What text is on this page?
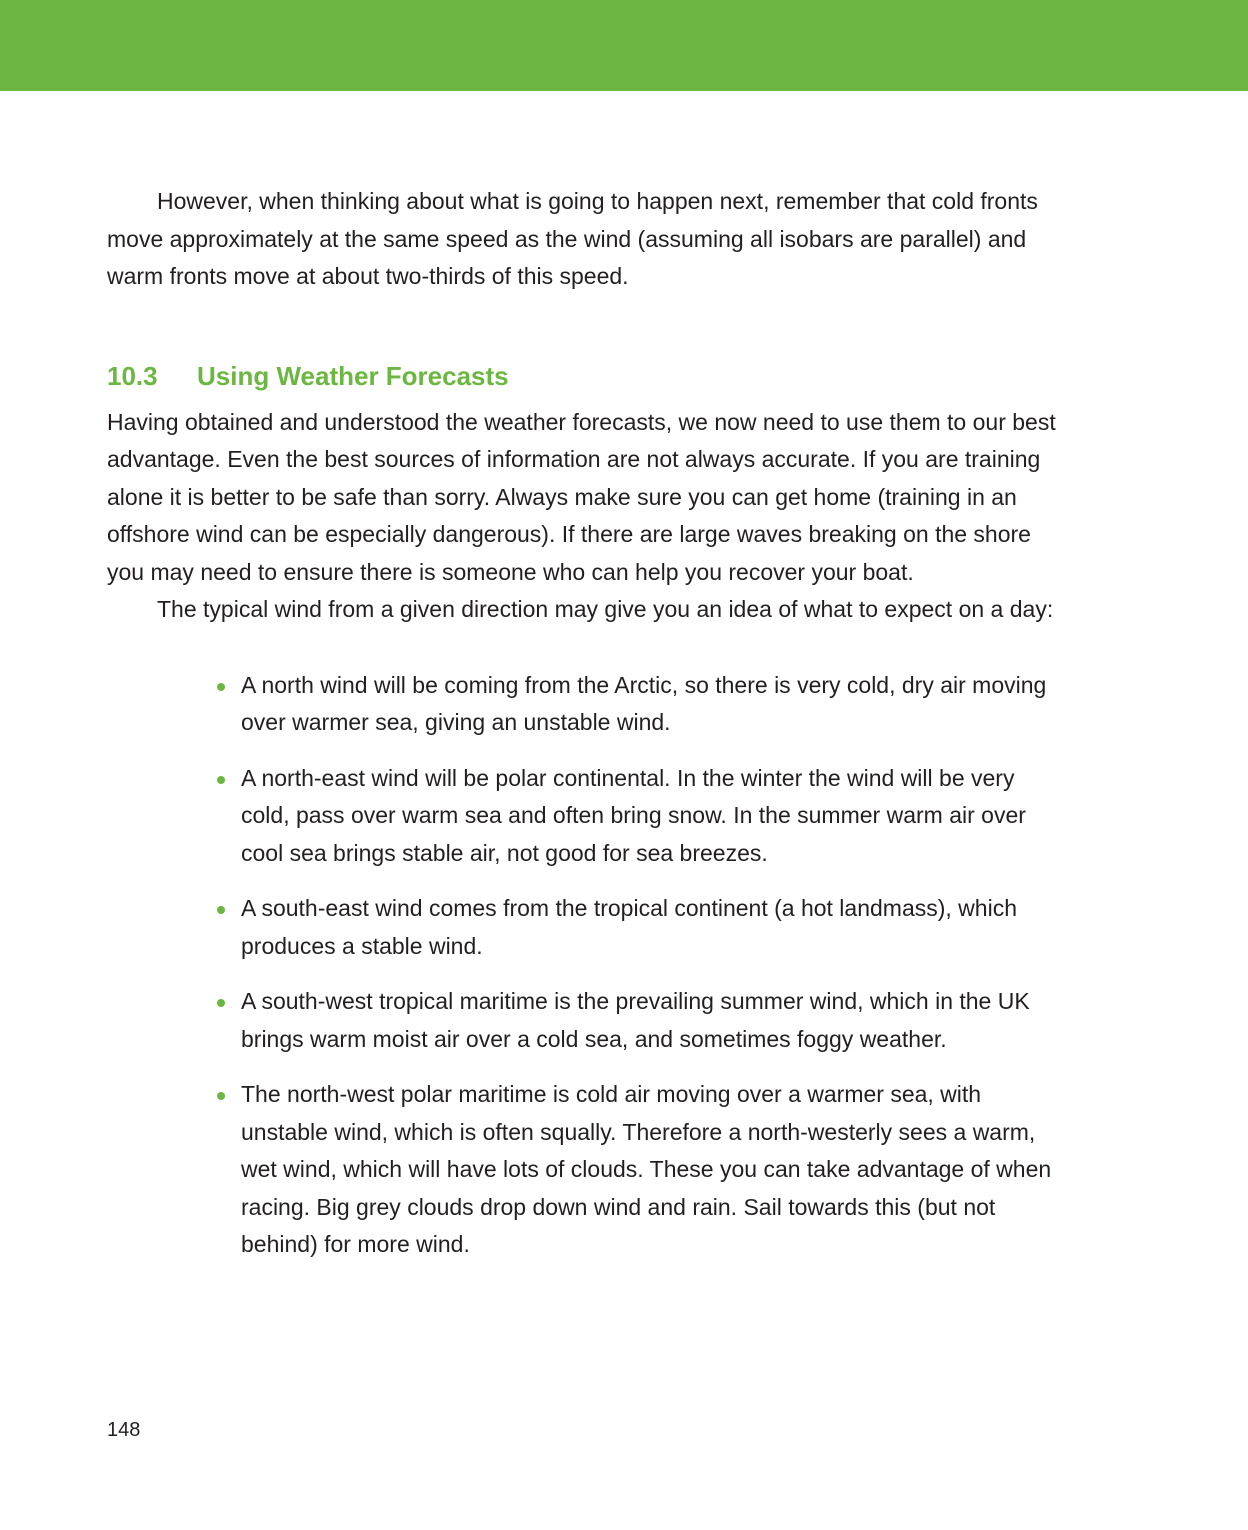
However, when thinking about what is going to happen next, remember that cold fronts move approximately at the same speed as the wind (assuming all isobars are parallel) and warm fronts move at about two-thirds of this speed.

10.3 Using Weather Forecasts

Having obtained and understood the weather forecasts, we now need to use them to our best advantage. Even the best sources of information are not always accurate. If you are training alone it is better to be safe than sorry. Always make sure you can get home (training in an offshore wind can be especially dangerous). If there are large waves breaking on the shore you may need to ensure there is someone who can help you recover your boat.

The typical wind from a given direction may give you an idea of what to expect on a day:

A north wind will be coming from the Arctic, so there is very cold, dry air moving over warmer sea, giving an unstable wind.
A north-east wind will be polar continental. In the winter the wind will be very cold, pass over warm sea and often bring snow. In the summer warm air over cool sea brings stable air, not good for sea breezes.
A south-east wind comes from the tropical continent (a hot landmass), which produces a stable wind.
A south-west tropical maritime is the prevailing summer wind, which in the UK brings warm moist air over a cold sea, and sometimes foggy weather.
The north-west polar maritime is cold air moving over a warmer sea, with unstable wind, which is often squally. Therefore a north-westerly sees a warm, wet wind, which will have lots of clouds. These you can take advantage of when racing. Big grey clouds drop down wind and rain. Sail towards this (but not behind) for more wind.
148
